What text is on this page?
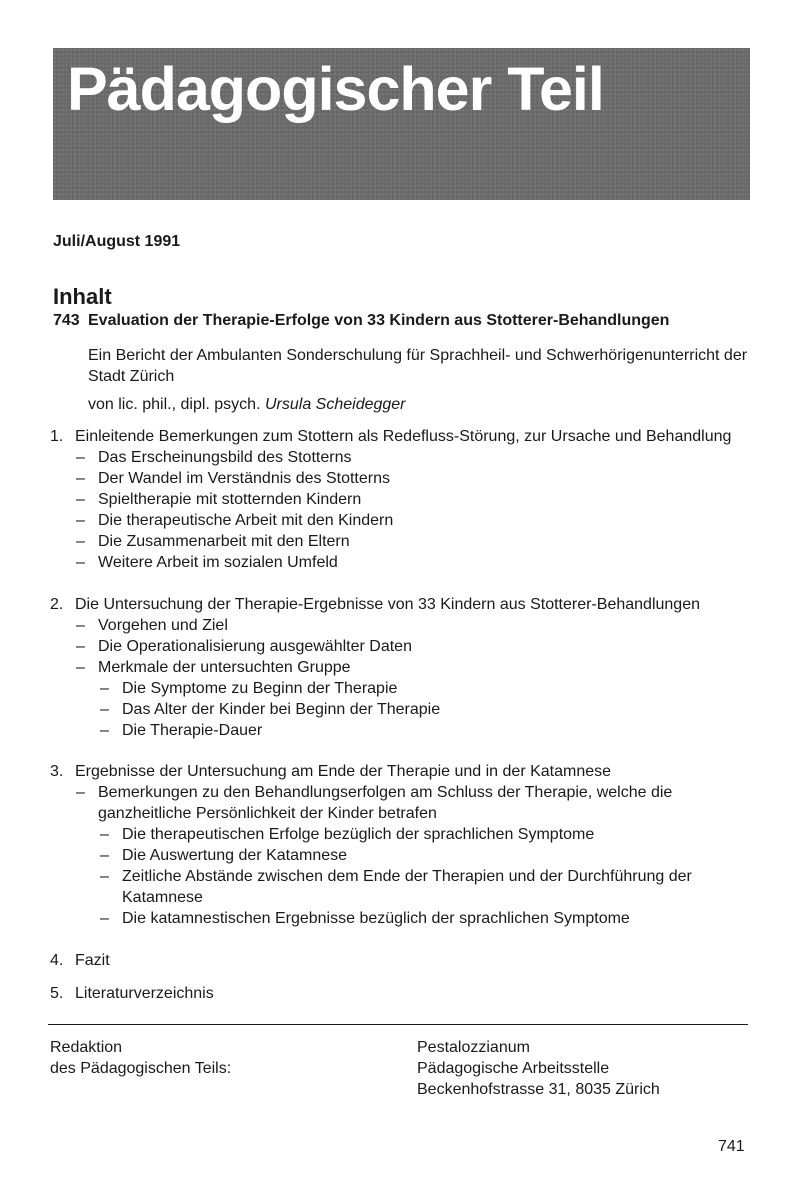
Pädagogischer Teil
Juli/August 1991
Inhalt
743 Evaluation der Therapie-Erfolge von 33 Kindern aus Stotterer-Behandlungen
Ein Bericht der Ambulanten Sonderschulung für Sprachheil- und Schwerhörigenunterricht der Stadt Zürich
von lic. phil., dipl. psych. Ursula Scheidegger
1. Einleitende Bemerkungen zum Stottern als Redefluss-Störung, zur Ursache und Behandlung
– Das Erscheinungsbild des Stotterns
– Der Wandel im Verständnis des Stotterns
– Spieltherapie mit stotternden Kindern
– Die therapeutische Arbeit mit den Kindern
– Die Zusammenarbeit mit den Eltern
– Weitere Arbeit im sozialen Umfeld
2. Die Untersuchung der Therapie-Ergebnisse von 33 Kindern aus Stotterer-Behandlungen
– Vorgehen und Ziel
– Die Operationalisierung ausgewählter Daten
– Merkmale der untersuchten Gruppe
– Die Symptome zu Beginn der Therapie
– Das Alter der Kinder bei Beginn der Therapie
– Die Therapie-Dauer
3. Ergebnisse der Untersuchung am Ende der Therapie und in der Katamnese
– Bemerkungen zu den Behandlungserfolgen am Schluss der Therapie, welche die ganzheitliche Persönlichkeit der Kinder betrafen
– Die therapeutischen Erfolge bezüglich der sprachlichen Symptome
– Die Auswertung der Katamnese
– Zeitliche Abstände zwischen dem Ende der Therapien und der Durchführung der Katamnese
– Die katamnestischen Ergebnisse bezüglich der sprachlichen Symptome
4. Fazit
5. Literaturverzeichnis
Redaktion
des Pädagogischen Teils:
Pestalozzianum
Pädagogische Arbeitsstelle
Beckenhofstrasse 31, 8035 Zürich
741
